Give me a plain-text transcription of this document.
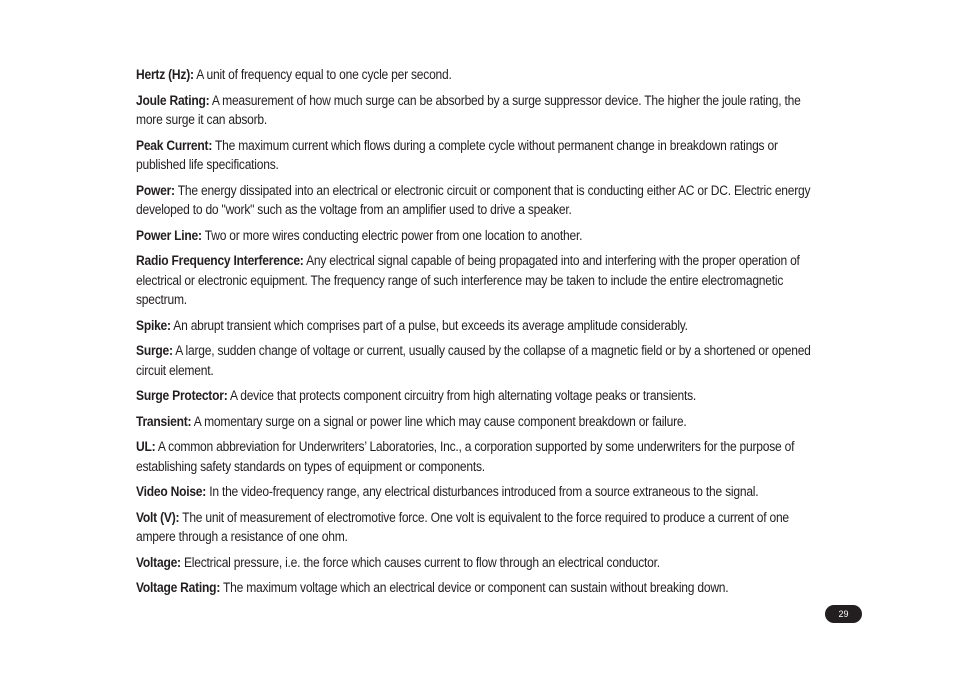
Hertz (Hz): A unit of frequency equal to one cycle per second.

Joule Rating: A measurement of how much surge can be absorbed by a surge suppressor device. The higher the joule rating, the more surge it can absorb.

Peak Current: The maximum current which flows during a complete cycle without permanent change in breakdown ratings or published life specifications.

Power: The energy dissipated into an electrical or electronic circuit or component that is conducting either AC or DC. Electric energy developed to do "work" such as the voltage from an amplifier used to drive a speaker.

Power Line: Two or more wires conducting electric power from one location to another.

Radio Frequency Interference: Any electrical signal capable of being propagated into and interfering with the proper operation of electrical or electronic equipment. The frequency range of such interference may be taken to include the entire electromagnetic spectrum.

Spike: An abrupt transient which comprises part of a pulse, but exceeds its average amplitude considerably.

Surge: A large, sudden change of voltage or current, usually caused by the collapse of a magnetic field or by a shortened or opened circuit element.

Surge Protector: A device that protects component circuitry from high alternating voltage peaks or transients.

Transient: A momentary surge on a signal or power line which may cause component breakdown or failure.

UL: A common abbreviation for Underwriters’ Laboratories, Inc., a corporation supported by some underwriters for the purpose of establishing safety standards on types of equipment or components.

Video Noise: In the video-frequency range, any electrical disturbances introduced from a source extraneous to the signal.

Volt (V): The unit of measurement of electromotive force. One volt is equivalent to the force required to produce a current of one ampere through a resistance of one ohm.

Voltage: Electrical pressure, i.e. the force which causes current to flow through an electrical conductor.

Voltage Rating: The maximum voltage which an electrical device or component can sustain without breaking down.

29
